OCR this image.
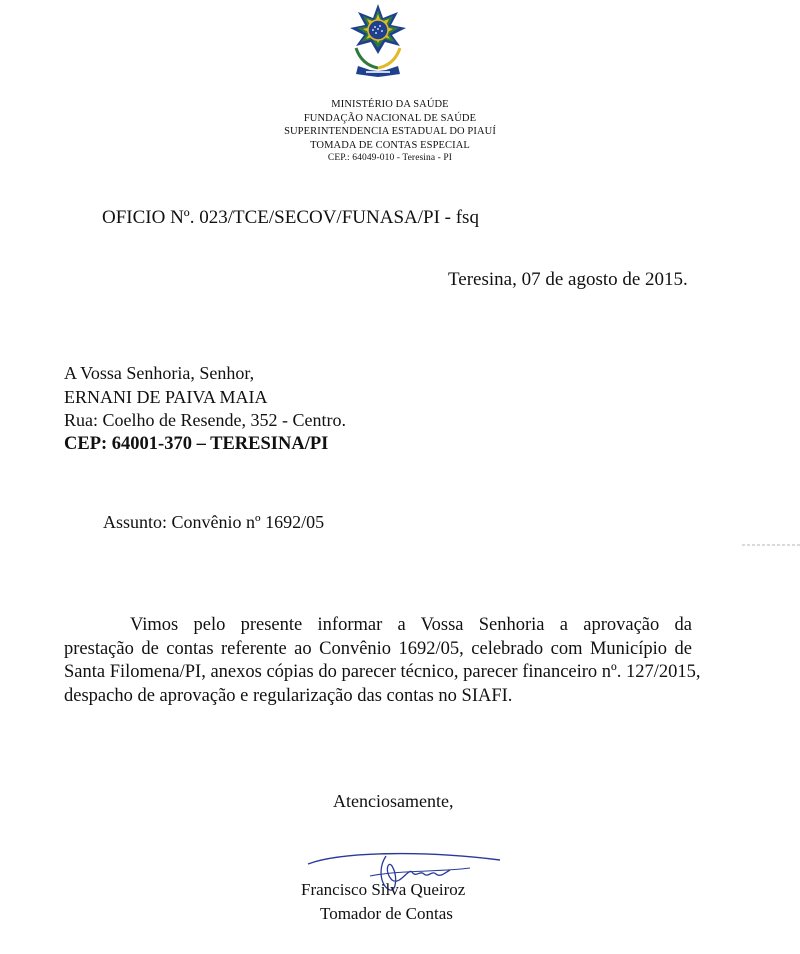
MINISTÉRIO DA SAÚDE
FUNDAÇÃO NACIONAL DE SAÚDE
SUPERINTENDENCIA ESTADUAL DO PIAUÍ
TOMADA DE CONTAS ESPECIAL
CEP.: 64049-010 - Teresina - PI
OFICIO Nº. 023/TCE/SECOV/FUNASA/PI - fsq
Teresina, 07 de agosto de 2015.
A Vossa Senhoria, Senhor,
ERNANI DE PAIVA MAIA
Rua: Coelho de Resende, 352 - Centro.
CEP: 64001-370 – TERESINA/PI
Assunto: Convênio nº 1692/05
Vimos pelo presente informar a Vossa Senhoria a aprovação da
prestação de contas referente ao Convênio 1692/05, celebrado com Município de
Santa Filomena/PI, anexos cópias do parecer técnico, parecer financeiro nº. 127/2015,
despacho de aprovação e regularização das contas no SIAFI.
Atenciosamente,
Francisco Silva Queiroz
Tomador de Contas
